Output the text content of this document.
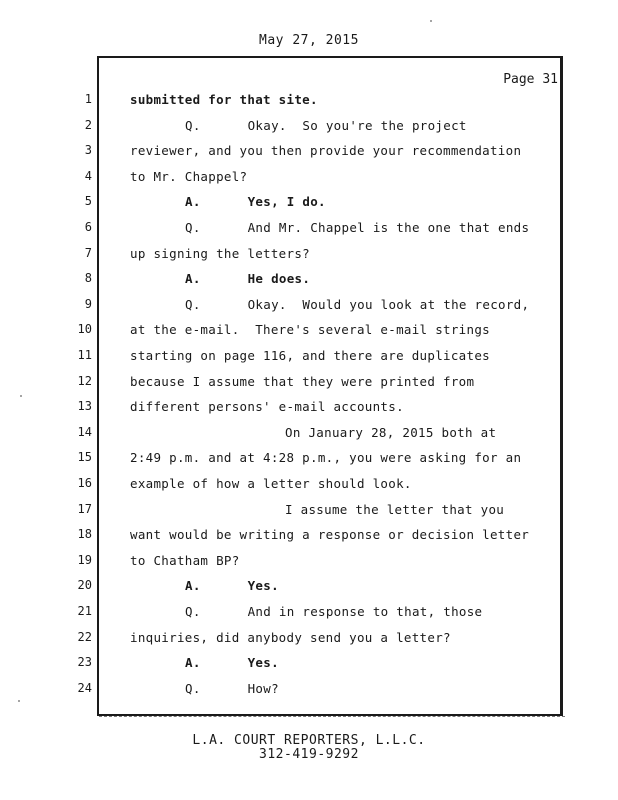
May 27, 2015
Page 31
1	submitted for that site.
2	Q.      Okay.  So you're the project
3	reviewer, and you then provide your recommendation
4	to Mr. Chappel?
5	A.      Yes, I do.
6	Q.      And Mr. Chappel is the one that ends
7	up signing the letters?
8	A.      He does.
9	Q.      Okay.  Would you look at the record,
10	at the e-mail.  There's several e-mail strings
11	starting on page 116, and there are duplicates
12	because I assume that they were printed from
13	different persons' e-mail accounts.
14	On January 28, 2015 both at
15	2:49 p.m. and at 4:28 p.m., you were asking for an
16	example of how a letter should look.
17	I assume the letter that you
18	want would be writing a response or decision letter
19	to Chatham BP?
20	A.      Yes.
21	Q.      And in response to that, those
22	inquiries, did anybody send you a letter?
23	A.      Yes.
24	Q.      How?
L.A. COURT REPORTERS, L.L.C.
312-419-9292
